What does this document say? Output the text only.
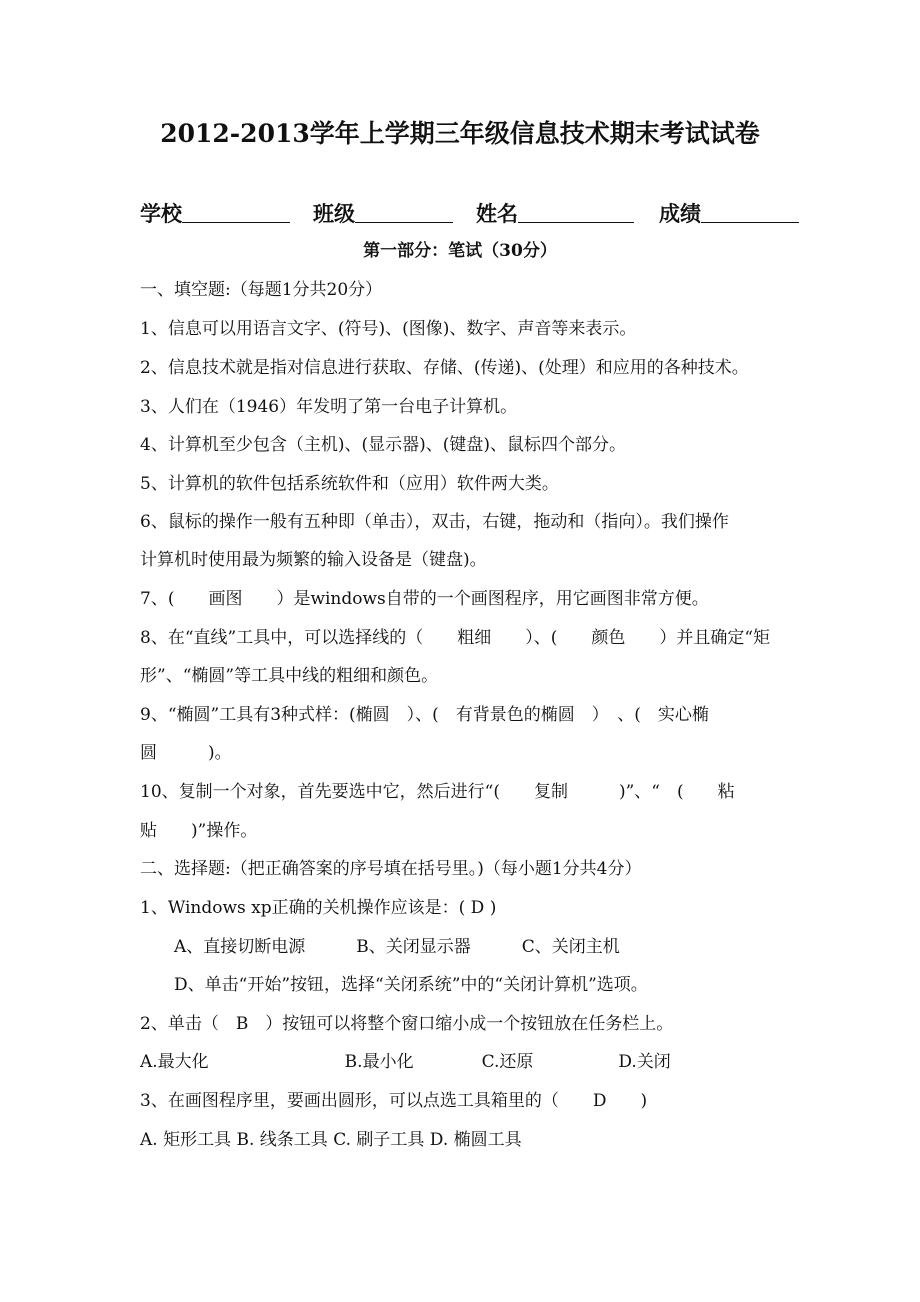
2012-2013学年上学期三年级信息技术期末考试试卷
学校	班级	姓名	成绩
第一部分：笔试（30分）
一、填空题:（每题1分共20分）
1、信息可以用语言文字、(符号)、(图像)、数字、声音等来表示。
2、信息技术就是指对信息进行获取、存储、(传递)、(处理）和应用的各种技术。
3、人们在（1946）年发明了第一台电子计算机。
4、计算机至少包含（主机)、(显示器)、(键盘)、鼠标四个部分。
5、计算机的软件包括系统软件和（应用）软件两大类。
6、鼠标的操作一般有五种即（单击），双击，右键，拖动和（指向）。我们操作
计算机时使用最为频繁的输入设备是（键盘)。
7、(　　画图　　）是windows自带的一个画图程序，用它画图非常方便。
8、在“直线”工具中，可以选择线的（　　粗细　　）、(　　颜色　　）并且确定“矩
形”、“椭圆”等工具中线的粗细和颜色。
9、“椭圆”工具有3种式样：(椭圆　）、(　有背景色的椭圆　）　、(　实心椭
圆　　　)。
10、复制一个对象，首先要选中它，然后进行“(　　复制　　　)”、“　(　　粘
贴　　)”操作。
二、选择题:（把正确答案的序号填在括号里。)（每小题1分共4分）
1、Windows xp正确的关机操作应该是：( D )
　　A、直接切断电源　　　B、关闭显示器　　　C、关闭主机
　　D、单击“开始”按钮，选择“关闭系统”中的“关闭计算机”选项。
2、单击（　B　）按钮可以将整个窗口缩小成一个按钮放在任务栏上。
A.最大化　　　　　　　　B.最小化　　　　C.还原　　　　　D.关闭
3、在画图程序里，要画出圆形，可以点选工具箱里的（　　D　　)
A. 矩形工具 B. 线条工具 C. 刷子工具 D. 椭圆工具
